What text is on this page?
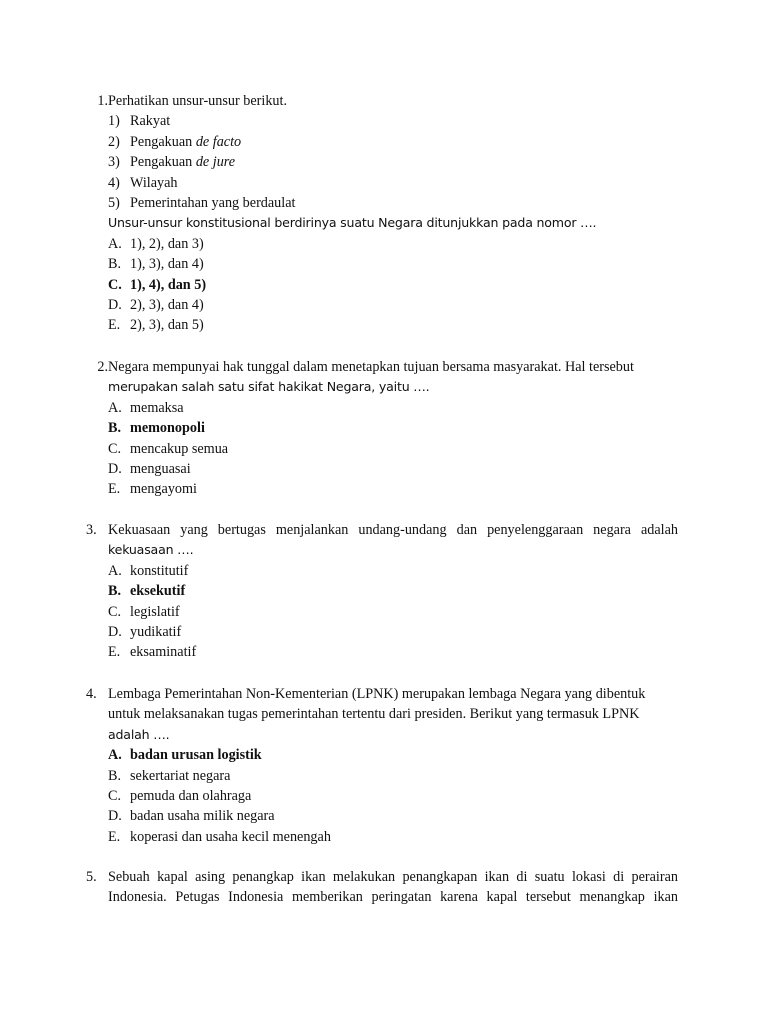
1. Perhatikan unsur-unsur berikut.
1) Rakyat
2) Pengakuan de facto
3) Pengakuan de jure
4) Wilayah
5) Pemerintahan yang berdaulat
Unsur-unsur konstitusional berdirinya suatu Negara ditunjukkan pada nomor ….
A. 1), 2), dan 3)
B. 1), 3), dan 4)
C. 1), 4), dan 5)
D. 2), 3), dan 4)
E. 2), 3), dan 5)
2. Negara mempunyai hak tunggal dalam menetapkan tujuan bersama masyarakat. Hal tersebut
merupakan salah satu sifat hakikat Negara, yaitu ….
A. memaksa
B. memonopoli
C. mencakup semua
D. menguasai
E. mengayomi
3. Kekuasaan yang bertugas menjalankan undang-undang dan penyelenggaraan negara adalah
kekuasaan ….
A. konstitutif
B. eksekutif
C. legislatif
D. yudikatif
E. eksaminatif
4. Lembaga Pemerintahan Non-Kementerian (LPNK) merupakan lembaga Negara yang dibentuk
untuk melaksanakan tugas pemerintahan tertentu dari presiden. Berikut yang termasuk LPNK
adalah ….
A. badan urusan logistik
B. sekertariat negara
C. pemuda dan olahraga
D. badan usaha milik negara
E. koperasi dan usaha kecil menengah
5. Sebuah kapal asing penangkap ikan melakukan penangkapan ikan di suatu lokasi di perairan
Indonesia. Petugas Indonesia memberikan peringatan karena kapal tersebut menangkap ikan
